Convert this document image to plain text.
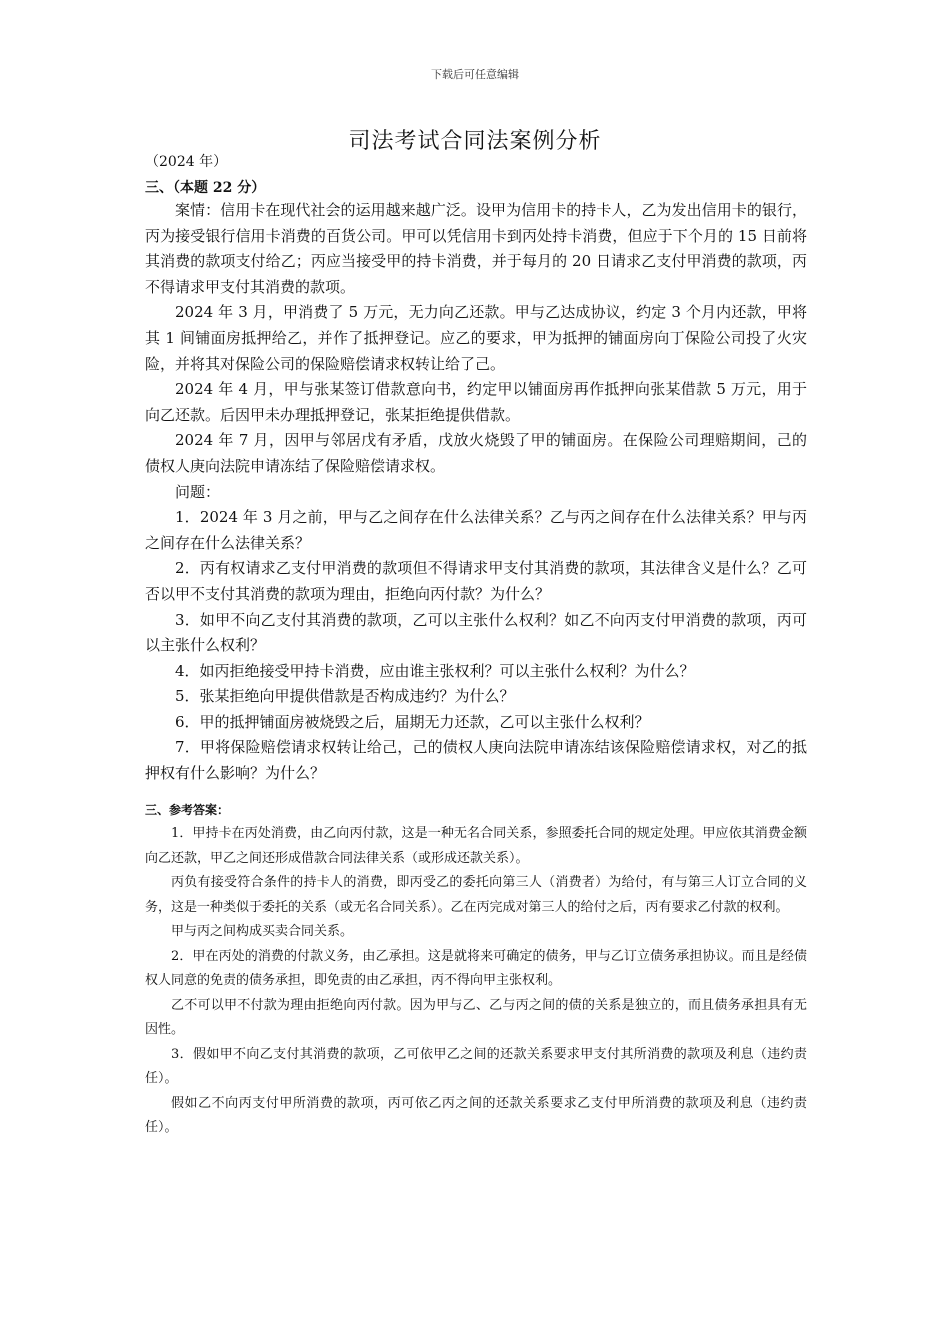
下载后可任意编辑
司法考试合同法案例分析
（2024 年）
三、（本题 22 分）

案情：信用卡在现代社会的运用越来越广泛。设甲为信用卡的持卡人，乙为发出信用卡的银行，丙为接受银行信用卡消费的百货公司。甲可以凭信用卡到丙处持卡消费，但应于下个月的 15 日前将其消费的款项支付给乙；丙应当接受甲的持卡消费，并于每月的 20 日请求乙支付甲消费的款项，丙不得请求甲支付其消费的款项。

2024 年 3 月，甲消费了 5 万元，无力向乙还款。甲与乙达成协议，约定 3 个月内还款，甲将其 1 间铺面房抵押给乙，并作了抵押登记。应乙的要求，甲为抵押的铺面房向丁保险公司投了火灾险，并将其对保险公司的保险赔偿请求权转让给了己。

2024 年 4 月，甲与张某签订借款意向书，约定甲以铺面房再作抵押向张某借款 5 万元，用于向乙还款。后因甲未办理抵押登记，张某拒绝提供借款。

2024 年 7 月，因甲与邻居戊有矛盾，戊放火烧毁了甲的铺面房。在保险公司理赔期间，己的债权人庚向法院申请冻结了保险赔偿请求权。

问题：

1．2024 年 3 月之前，甲与乙之间存在什么法律关系？乙与丙之间存在什么法律关系？甲与丙之间存在什么法律关系？

2．丙有权请求乙支付甲消费的款项但不得请求甲支付其消费的款项，其法律含义是什么？乙可否以甲不支付其消费的款项为理由，拒绝向丙付款？为什么？

3．如甲不向乙支付其消费的款项，乙可以主张什么权利？如乙不向丙支付甲消费的款项，丙可以主张什么权利？

4．如丙拒绝接受甲持卡消费，应由谁主张权利？可以主张什么权利？为什么？

5．张某拒绝向甲提供借款是否构成违约？为什么？

6．甲的抵押铺面房被烧毁之后，届期无力还款，乙可以主张什么权利？

7．甲将保险赔偿请求权转让给己，己的债权人庚向法院申请冻结该保险赔偿请求权，对乙的抵押权有什么影响？为什么？

三、参考答案：

1．甲持卡在丙处消费，由乙向丙付款，这是一种无名合同关系，参照委托合同的规定处理。甲应依其消费金额向乙还款，甲乙之间还形成借款合同法律关系（或形成还款关系）。

丙负有接受符合条件的持卡人的消费，即丙受乙的委托向第三人（消费者）为给付，有与第三人订立合同的义务，这是一种类似于委托的关系（或无名合同关系）。乙在丙完成对第三人的给付之后，丙有要求乙付款的权利。

甲与丙之间构成买卖合同关系。

2．甲在丙处的消费的付款义务，由乙承担。这是就将来可确定的债务，甲与乙订立债务承担协议。而且是经债权人同意的免责的债务承担，即免责的由乙承担，丙不得向甲主张权利。

乙不可以甲不付款为理由拒绝向丙付款。因为甲与乙、乙与丙之间的债的关系是独立的，而且债务承担具有无因性。

3．假如甲不向乙支付其消费的款项，乙可依甲乙之间的还款关系要求甲支付其所消费的款项及利息（违约责任）。

假如乙不向丙支付甲所消费的款项，丙可依乙丙之间的还款关系要求乙支付甲所消费的款项及利息（违约责任）。
